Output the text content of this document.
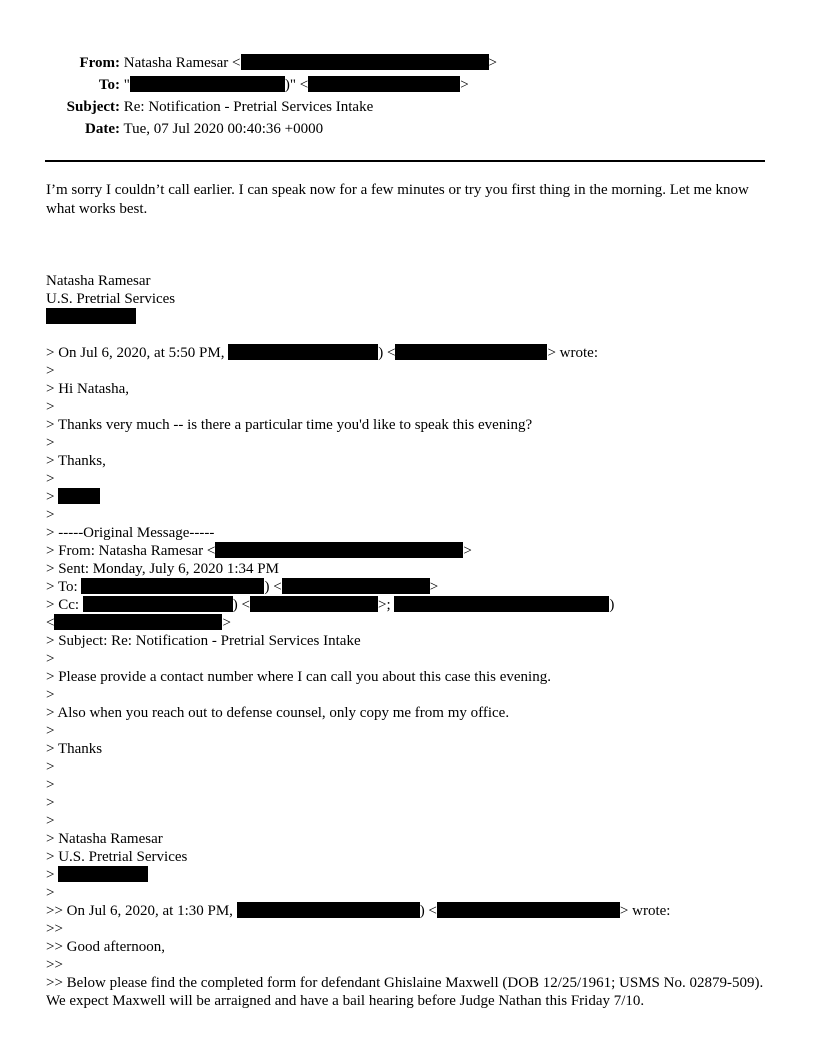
From: Natasha Ramesar <	>
To: "	)" <	>
Subject: Re: Notification - Pretrial Services Intake
Date: Tue, 07 Jul 2020 00:40:36 +0000

I’m sorry I couldn’t call earlier. I can speak now for a few minutes or try you first thing in the morning. Let me know what works best.

Natasha Ramesar
U.S. Pretrial Services
> On Jul 6, 2020, at 5:50 PM,	) <	> wrote:
>
> Hi Natasha,
>
> Thanks very much -- is there a particular time you'd like to speak this evening?
>
> Thanks,
>
>
>
> -----Original Message-----
> From: Natasha Ramesar <	>
> Sent: Monday, July 6, 2020 1:34 PM
> To:	) <	>
> Cc:	) <	>;	)
<	>
> Subject: Re: Notification - Pretrial Services Intake
>
> Please provide a contact number where I can call you about this case this evening.
>
> Also when you reach out to defense counsel, only copy me from my office.
>
> Thanks
>
>
>
>
> Natasha Ramesar
> U.S. Pretrial Services
>
>
>> On Jul 6, 2020, at 1:30 PM,	) <	> wrote:
>>
>> Good afternoon,
>>
>> Below please find the completed form for defendant Ghislaine Maxwell (DOB 12/25/1961; USMS No. 02879-509). We expect Maxwell will be arraigned and have a bail hearing before Judge Nathan this Friday 7/10.
